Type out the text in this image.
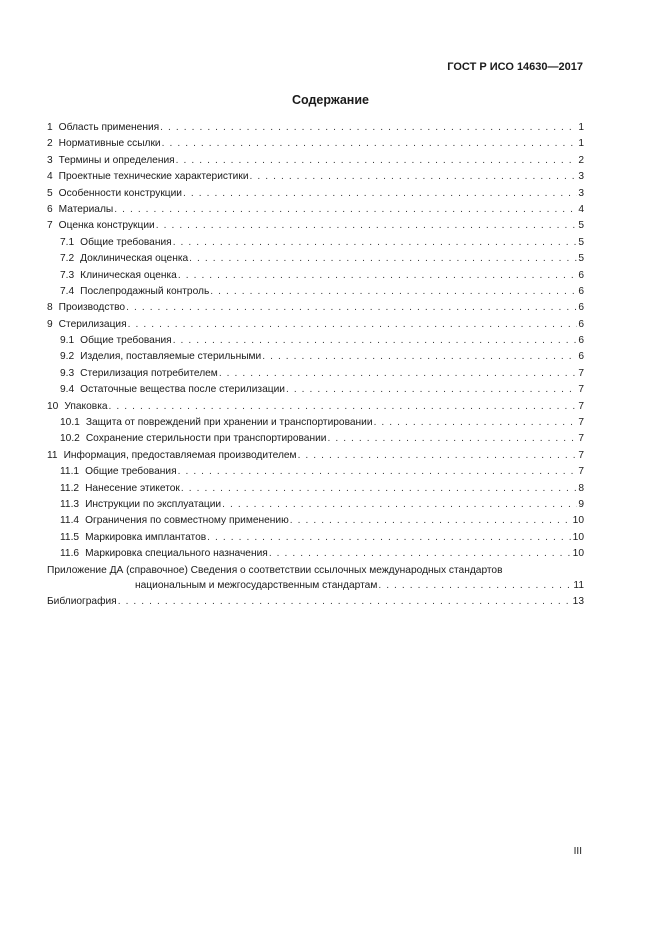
ГОСТ Р ИСО 14630—2017
Содержание
1 Область применения . . .	1
2 Нормативные ссылки . . .	1
3 Термины и определения . . .	2
4 Проектные технические характеристики . . .	3
5 Особенности конструкции . . .	3
6 Материалы . . .	4
7 Оценка конструкции . . .	5
7.1 Общие требования . . .	5
7.2 Доклиническая оценка . . .	5
7.3 Клиническая оценка . . .	6
7.4 Послепродажный контроль . . .	6
8 Производство . . .	6
9 Стерилизация . . .	6
9.1 Общие требования . . .	6
9.2 Изделия, поставляемые стерильными . . .	6
9.3 Стерилизация потребителем . . .	7
9.4 Остаточные вещества после стерилизации . . .	7
10 Упаковка . . .	7
10.1 Защита от повреждений при хранении и транспортировании . . .	7
10.2 Сохранение стерильности при транспортировании . . .	7
11 Информация, предоставляемая производителем . . .	7
11.1 Общие требования . . .	7
11.2 Нанесение этикеток . . .	8
11.3 Инструкции по эксплуатации . . .	9
11.4 Ограничения по совместному применению . . .	10
11.5 Маркировка имплантатов . . .	10
11.6 Маркировка специального назначения . . .	10
Приложение ДА (справочное) Сведения о соответствии ссылочных международных стандартов
национальным и межгосударственным стандартам . . .	11
Библиография . . .	13
III
